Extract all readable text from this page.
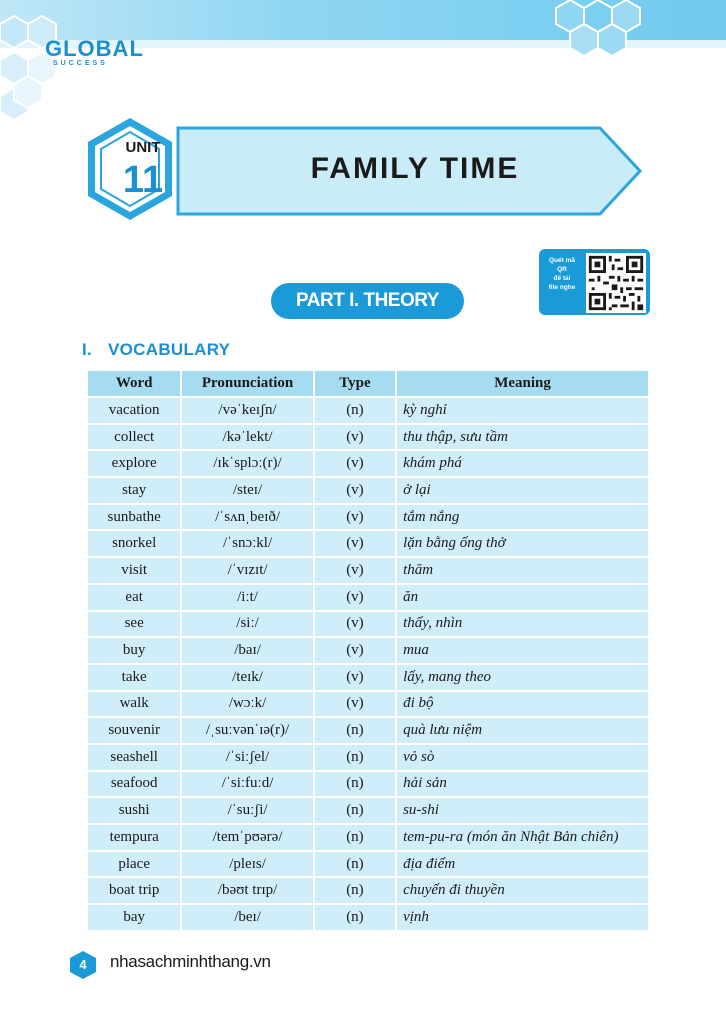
GLOBAL
SUCCESS
UNIT
11	FAMILY TIME
Quét mã
QR
để tải
file nghe
PART I. THEORY
I. VOCABULARY
Word	Pronunciation	Type	Meaning
vacation	/vəˈkeɪʃn/	(n)	kỳ nghỉ
collect	/kəˈlekt/	(v)	thu thập, sưu tầm
explore	/ɪkˈsplɔː(r)/	(v)	khám phá
stay	/steɪ/	(v)	ở lại
sunbathe	/ˈsʌnˌbeɪð/	(v)	tắm nắng
snorkel	/ˈsnɔːkl/	(v)	lặn bằng ống thở
visit	/ˈvɪzɪt/	(v)	thăm
eat	/iːt/	(v)	ăn
see	/siː/	(v)	thấy, nhìn
buy	/baɪ/	(v)	mua
take	/teɪk/	(v)	lấy, mang theo
walk	/wɔːk/	(v)	đi bộ
souvenir	/ˌsuːvənˈɪə(r)/	(n)	quà lưu niệm
seashell	/ˈsiːʃel/	(n)	vỏ sò
seafood	/ˈsiːfuːd/	(n)	hải sản
sushi	/ˈsuːʃi/	(n)	su-shi
tempura	/temˈpʊərə/	(n)	tem-pu-ra (món ăn Nhật Bản chiên)
place	/pleɪs/	(n)	địa điểm
boat trip	/bəʊt trɪp/	(n)	chuyến đi thuyền
bay	/beɪ/	(n)	vịnh
4	nhasachminhthang.vn
